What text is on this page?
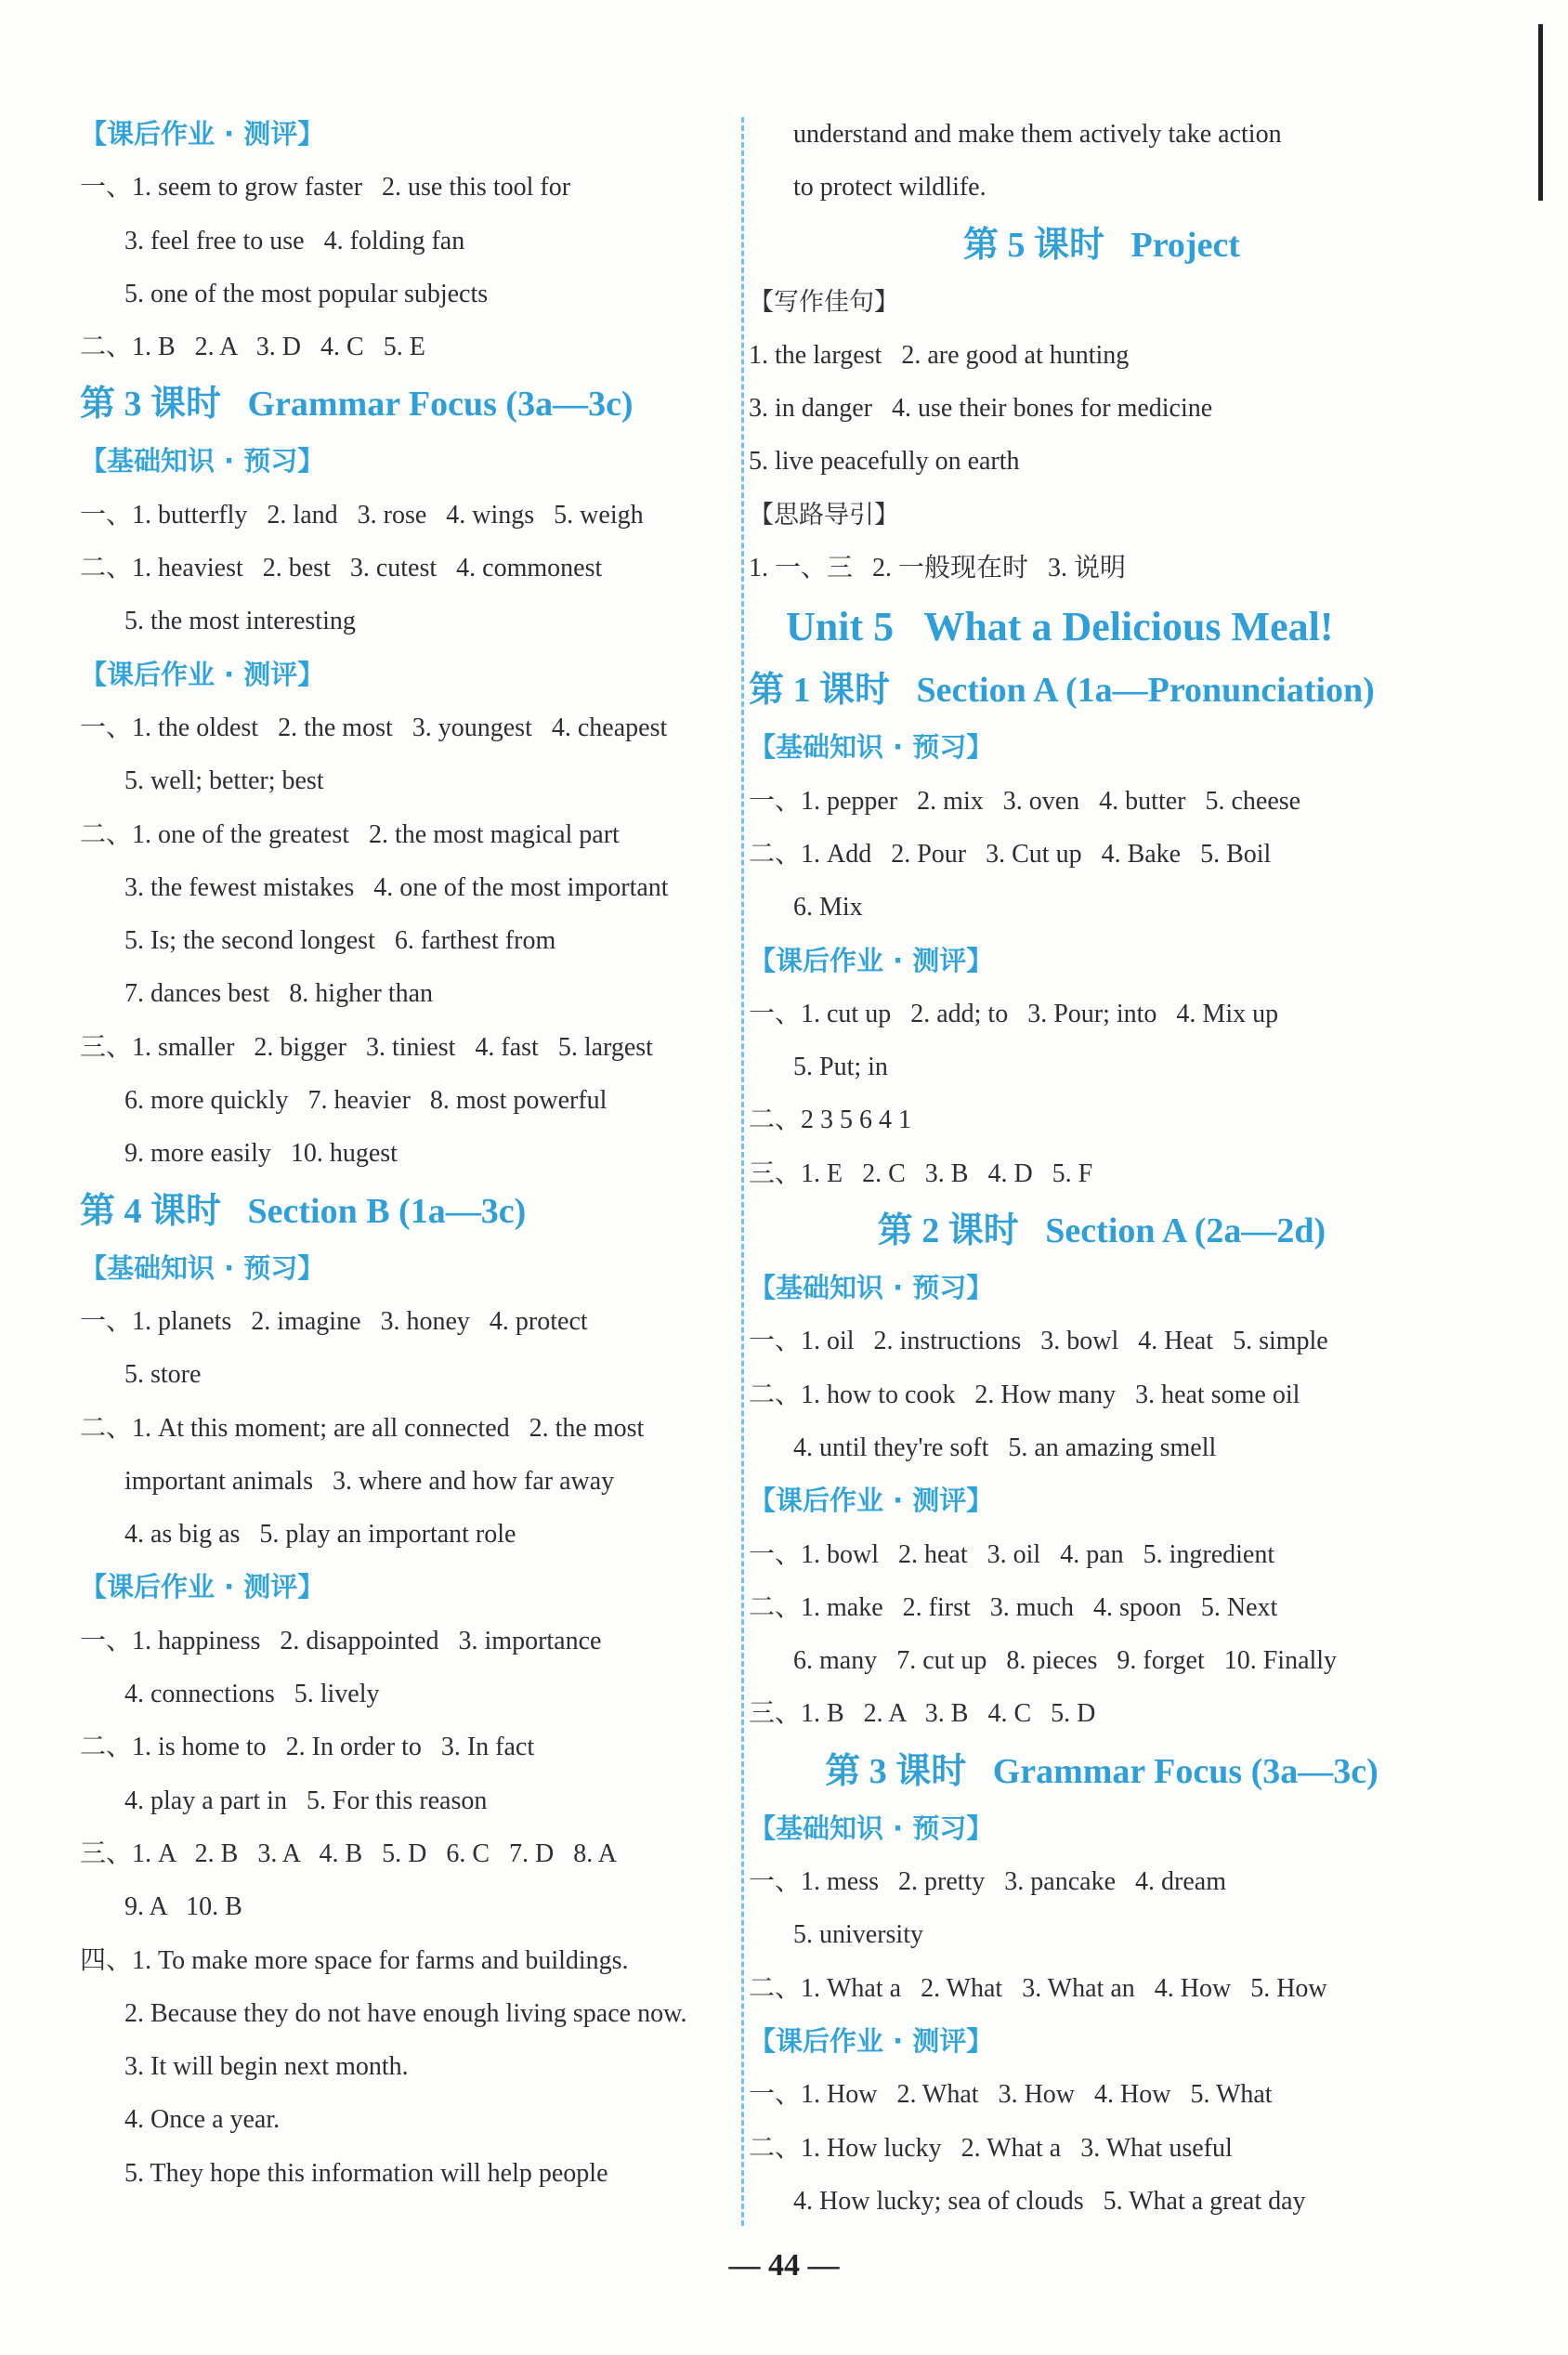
【课后作业 · 测评】
一、1. seem to grow faster   2. use this tool for
3. feel free to use   4. folding fan
5. one of the most popular subjects
二、1. B   2. A   3. D   4. C   5. E
第 3 课时   Grammar Focus (3a—3c)
【基础知识 · 预习】
一、1. butterfly   2. land   3. rose   4. wings   5. weigh
二、1. heaviest   2. best   3. cutest   4. commonest
5. the most interesting
【课后作业 · 测评】
一、1. the oldest   2. the most   3. youngest   4. cheapest
5. well; better; best
二、1. one of the greatest   2. the most magical part
3. the fewest mistakes   4. one of the most important
5. Is; the second longest   6. farthest from
7. dances best   8. higher than
三、1. smaller   2. bigger   3. tiniest   4. fast   5. largest
6. more quickly   7. heavier   8. most powerful
9. more easily   10. hugest
第 4 课时   Section B (1a—3c)
【基础知识 · 预习】
一、1. planets   2. imagine   3. honey   4. protect
5. store
二、1. At this moment; are all connected   2. the most
important animals   3. where and how far away
4. as big as   5. play an important role
【课后作业 · 测评】
一、1. happiness   2. disappointed   3. importance
4. connections   5. lively
二、1. is home to   2. In order to   3. In fact
4. play a part in   5. For this reason
三、1. A   2. B   3. A   4. B   5. D   6. C   7. D   8. A
9. A   10. B
四、1. To make more space for farms and buildings.
2. Because they do not have enough living space now.
3. It will begin next month.
4. Once a year.
5. They hope this information will help people
understand and make them actively take action
to protect wildlife.
第 5 课时   Project
【写作佳句】
1. the largest   2. are good at hunting
3. in danger   4. use their bones for medicine
5. live peacefully on earth
【思路导引】
1. 一、三   2. 一般现在时   3. 说明
Unit 5   What a Delicious Meal!
第 1 课时   Section A (1a—Pronunciation)
【基础知识 · 预习】
一、1. pepper   2. mix   3. oven   4. butter   5. cheese
二、1. Add   2. Pour   3. Cut up   4. Bake   5. Boil
6. Mix
【课后作业 · 测评】
一、1. cut up   2. add; to   3. Pour; into   4. Mix up
5. Put; in
二、2 3 5 6 4 1
三、1. E   2. C   3. B   4. D   5. F
第 2 课时   Section A (2a—2d)
【基础知识 · 预习】
一、1. oil   2. instructions   3. bowl   4. Heat   5. simple
二、1. how to cook   2. How many   3. heat some oil
4. until they're soft   5. an amazing smell
【课后作业 · 测评】
一、1. bowl   2. heat   3. oil   4. pan   5. ingredient
二、1. make   2. first   3. much   4. spoon   5. Next
6. many   7. cut up   8. pieces   9. forget   10. Finally
三、1. B   2. A   3. B   4. C   5. D
第 3 课时   Grammar Focus (3a—3c)
【基础知识 · 预习】
一、1. mess   2. pretty   3. pancake   4. dream
5. university
二、1. What a   2. What   3. What an   4. How   5. How
【课后作业 · 测评】
一、1. How   2. What   3. How   4. How   5. What
二、1. How lucky   2. What a   3. What useful
4. How lucky; sea of clouds   5. What a great day
— 44 —
